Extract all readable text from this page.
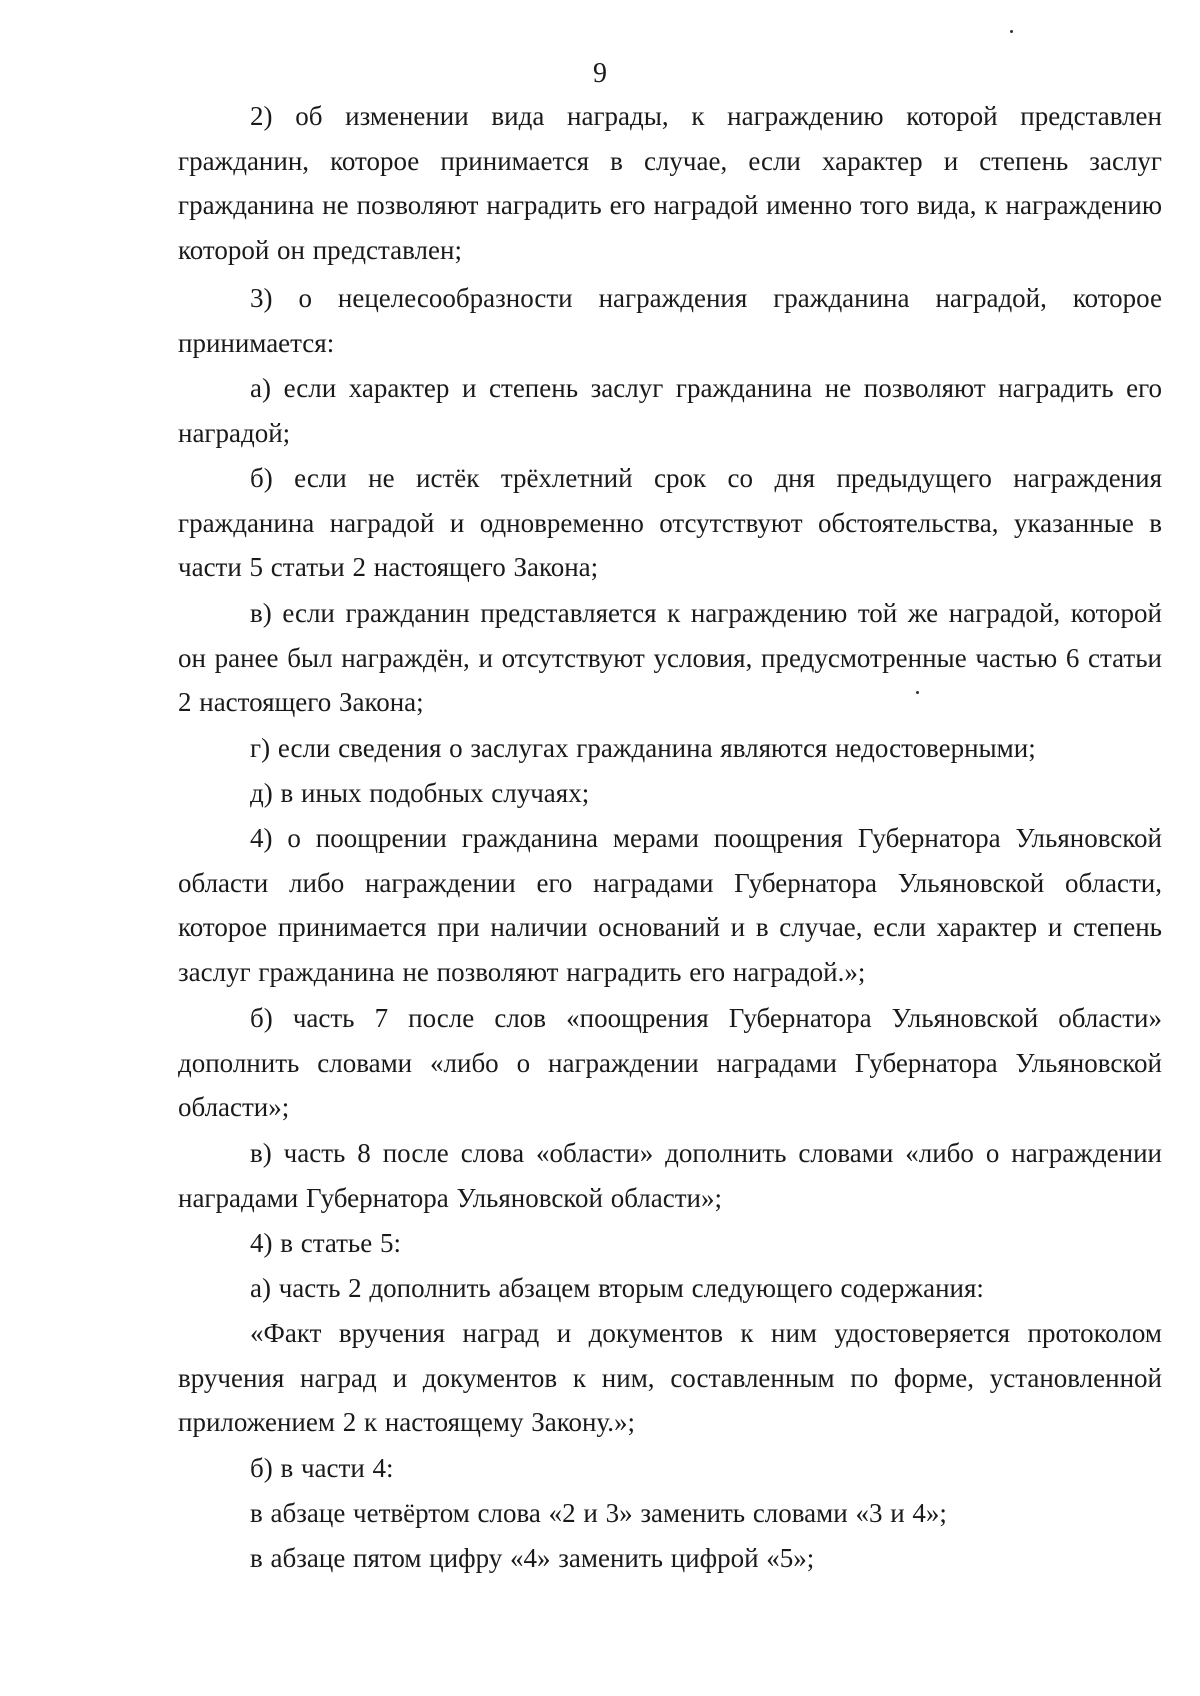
9

2) об изменении вида награды, к награждению которой представлен гражданин, которое принимается в случае, если характер и степень заслуг гражданина не позволяют наградить его наградой именно того вида, к награждению которой он представлен;

3) о нецелесообразности награждения гражданина наградой, которое принимается:

а) если характер и степень заслуг гражданина не позволяют наградить его наградой;

б) если не истёк трёхлетний срок со дня предыдущего награждения гражданина наградой и одновременно отсутствуют обстоятельства, указанные в части 5 статьи 2 настоящего Закона;

в) если гражданин представляется к награждению той же наградой, которой он ранее был награждён, и отсутствуют условия, предусмотренные частью 6 статьи 2 настоящего Закона;

г) если сведения о заслугах гражданина являются недостоверными;

д) в иных подобных случаях;

4) о поощрении гражданина мерами поощрения Губернатора Ульяновской области либо награждении его наградами Губернатора Ульяновской области, которое принимается при наличии оснований и в случае, если характер и степень заслуг гражданина не позволяют наградить его наградой.»;

б) часть 7 после слов «поощрения Губернатора Ульяновской области» дополнить словами «либо о награждении наградами Губернатора Ульяновской области»;

в) часть 8 после слова «области» дополнить словами «либо о награждении наградами Губернатора Ульяновской области»;

4) в статье 5:

а) часть 2 дополнить абзацем вторым следующего содержания:

«Факт вручения наград и документов к ним удостоверяется протоколом вручения наград и документов к ним, составленным по форме, установленной приложением 2 к настоящему Закону.»;

б) в части 4:

в абзаце четвёртом слова «2 и 3» заменить словами «3 и 4»;

в абзаце пятом цифру «4» заменить цифрой «5»;
